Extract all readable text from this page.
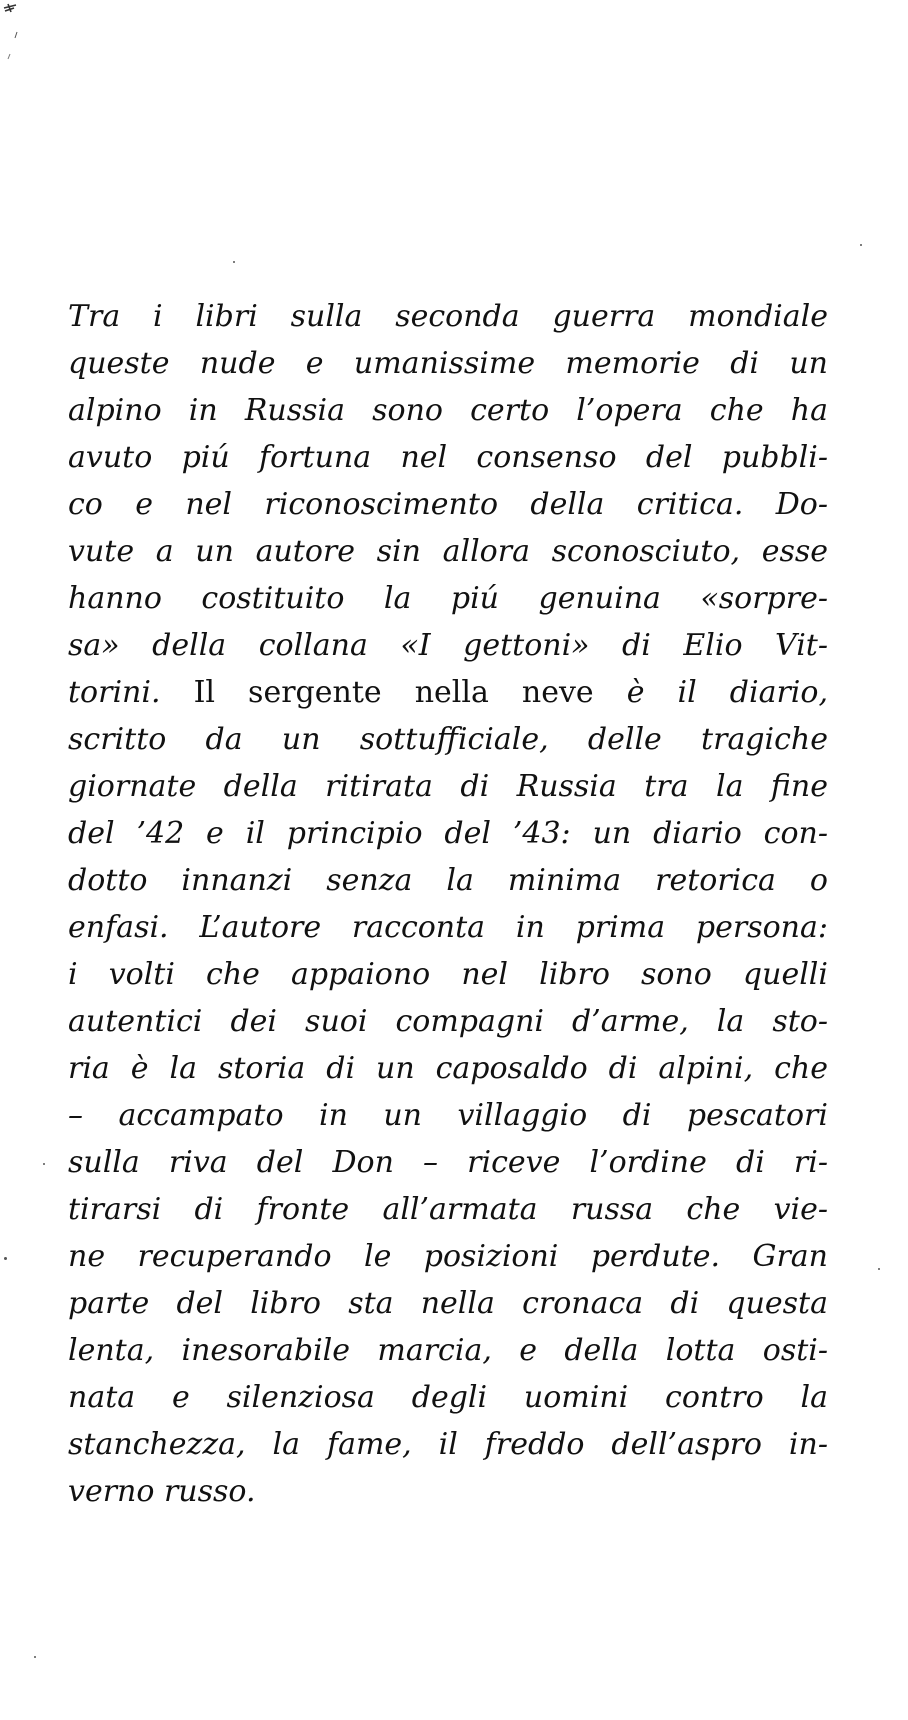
Tra i libri sulla seconda guerra mondiale
queste nude e umanissime memorie di un
alpino in Russia sono certo l’opera che ha
avuto piú fortuna nel consenso del pubbli-
co e nel riconoscimento della critica. Do-
vute a un autore sin allora sconosciuto, esse
hanno costituito la piú genuina «sorpre-
sa» della collana «I gettoni» di Elio Vit-
torini. Il sergente nella neve è il diario,
scritto da un sottufficiale, delle tragiche
giornate della ritirata di Russia tra la fine
del ’42 e il principio del ’43: un diario con-
dotto innanzi senza la minima retorica o
enfasi. L’autore racconta in prima persona:
i volti che appaiono nel libro sono quelli
autentici dei suoi compagni d’arme, la sto-
ria è la storia di un caposaldo di alpini, che
– accampato in un villaggio di pescatori
sulla riva del Don – riceve l’ordine di ri-
tirarsi di fronte all’armata russa che vie-
ne recuperando le posizioni perdute. Gran
parte del libro sta nella cronaca di questa
lenta, inesorabile marcia, e della lotta osti-
nata e silenziosa degli uomini contro la
stanchezza, la fame, il freddo dell’aspro in-
verno russo.
